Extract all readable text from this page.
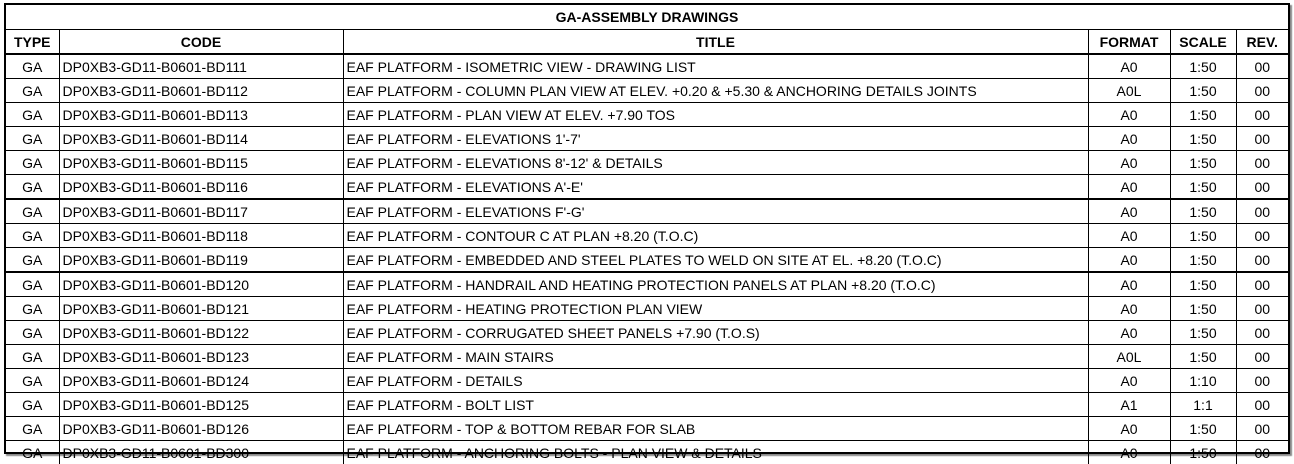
GA-ASSEMBLY DRAWINGS					
TYPE	CODE	TITLE	FORMAT	SCALE	REV.
GA	DP0XB3-GD11-B0601-BD111	EAF PLATFORM - ISOMETRIC VIEW - DRAWING LIST	A0	1:50	00
GA	DP0XB3-GD11-B0601-BD112	EAF PLATFORM - COLUMN PLAN VIEW AT ELEV. +0.20 & +5.30 & ANCHORING DETAILS JOINTS	A0L	1:50	00
GA	DP0XB3-GD11-B0601-BD113	EAF PLATFORM - PLAN VIEW AT ELEV. +7.90 TOS	A0	1:50	00
GA	DP0XB3-GD11-B0601-BD114	EAF PLATFORM - ELEVATIONS 1'-7'	A0	1:50	00
GA	DP0XB3-GD11-B0601-BD115	EAF PLATFORM - ELEVATIONS 8'-12' & DETAILS	A0	1:50	00
GA	DP0XB3-GD11-B0601-BD116	EAF PLATFORM - ELEVATIONS A'-E'	A0	1:50	00
GA	DP0XB3-GD11-B0601-BD117	EAF PLATFORM - ELEVATIONS F'-G'	A0	1:50	00
GA	DP0XB3-GD11-B0601-BD118	EAF PLATFORM - CONTOUR C AT PLAN +8.20 (T.O.C)	A0	1:50	00
GA	DP0XB3-GD11-B0601-BD119	EAF PLATFORM - EMBEDDED AND STEEL PLATES TO WELD ON SITE AT EL. +8.20 (T.O.C)	A0	1:50	00
GA	DP0XB3-GD11-B0601-BD120	EAF PLATFORM - HANDRAIL AND HEATING PROTECTION PANELS AT PLAN +8.20 (T.O.C)	A0	1:50	00
GA	DP0XB3-GD11-B0601-BD121	EAF PLATFORM - HEATING PROTECTION PLAN VIEW	A0	1:50	00
GA	DP0XB3-GD11-B0601-BD122	EAF PLATFORM - CORRUGATED SHEET PANELS +7.90 (T.O.S)	A0	1:50	00
GA	DP0XB3-GD11-B0601-BD123	EAF PLATFORM - MAIN STAIRS	A0L	1:50	00
GA	DP0XB3-GD11-B0601-BD124	EAF PLATFORM - DETAILS	A0	1:10	00
GA	DP0XB3-GD11-B0601-BD125	EAF PLATFORM - BOLT LIST	A1	1:1	00
GA	DP0XB3-GD11-B0601-BD126	EAF PLATFORM - TOP & BOTTOM REBAR FOR SLAB	A0	1:50	00
GA	DP0XB3-GD11-B0601-BD300	EAF PLATFORM - ANCHORING BOLTS - PLAN VIEW & DETAILS	A0	1:50	00
